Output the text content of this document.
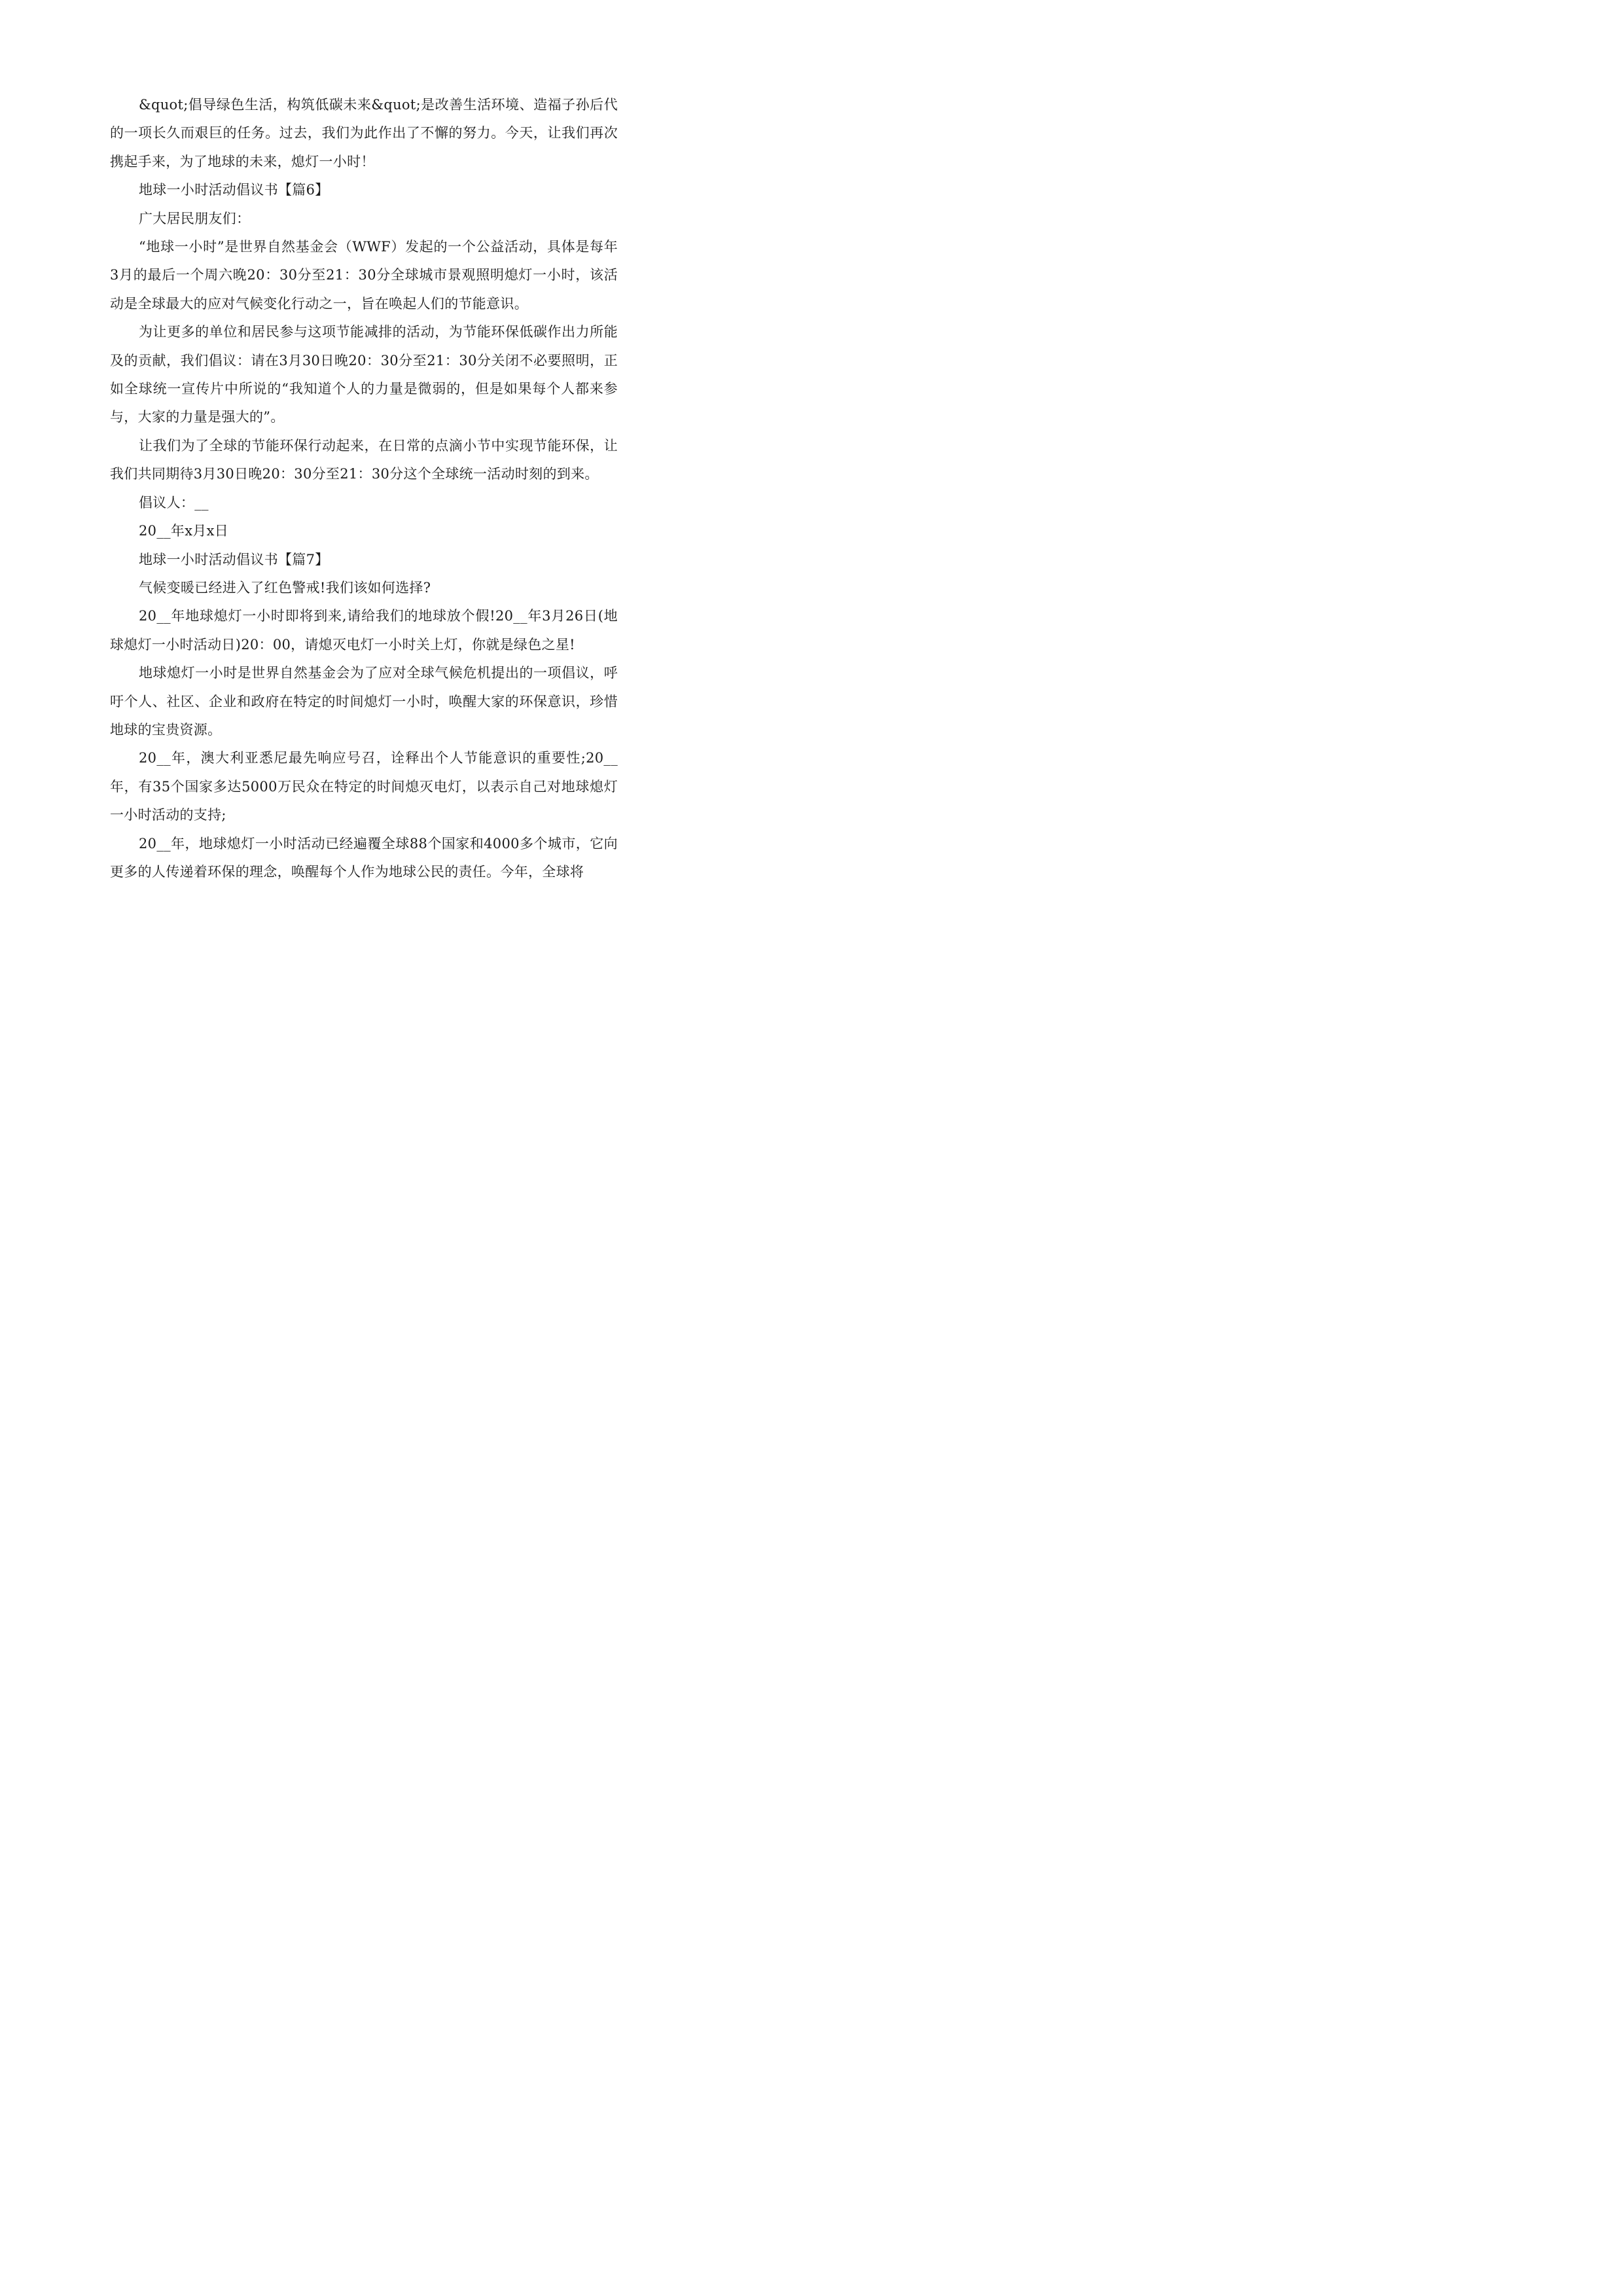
&quot;倡导绿色生活，构筑低碳未来&quot;是改善生活环境、造福子孙后代的一项长久而艰巨的任务。过去，我们为此作出了不懈的努力。今天，让我们再次携起手来，为了地球的未来，熄灯一小时！

地球一小时活动倡议书【篇6】

广大居民朋友们：

“地球一小时”是世界自然基金会（WWF）发起的一个公益活动，具体是每年3月的最后一个周六晚20：30分至21：30分全球城市景观照明熄灯一小时，该活动是全球最大的应对气候变化行动之一，旨在唤起人们的节能意识。

为让更多的单位和居民参与这项节能减排的活动，为节能环保低碳作出力所能及的贡献，我们倡议：请在3月30日晚20：30分至21：30分关闭不必要照明，正如全球统一宣传片中所说的“我知道个人的力量是微弱的，但是如果每个人都来参与，大家的力量是强大的”。

让我们为了全球的节能环保行动起来，在日常的点滴小节中实现节能环保，让我们共同期待3月30日晚20：30分至21：30分这个全球统一活动时刻的到来。

倡议人：__

20__年x月x日

地球一小时活动倡议书【篇7】

气候变暖已经进入了红色警戒!我们该如何选择?

20__年地球熄灯一小时即将到来,请给我们的地球放个假!20__年3月26日(地球熄灯一小时活动日)20：00，请熄灭电灯一小时关上灯，你就是绿色之星!

地球熄灯一小时是世界自然基金会为了应对全球气候危机提出的一项倡议，呼吁个人、社区、企业和政府在特定的时间熄灯一小时，唤醒大家的环保意识，珍惜地球的宝贵资源。

20__年，澳大利亚悉尼最先响应号召，诠释出个人节能意识的重要性;20__年，有35个国家多达5000万民众在特定的时间熄灭电灯，以表示自己对地球熄灯一小时活动的支持;

20__年，地球熄灯一小时活动已经遍覆全球88个国家和4000多个城市，它向更多的人传递着环保的理念，唤醒每个人作为地球公民的责任。今年，全球将
